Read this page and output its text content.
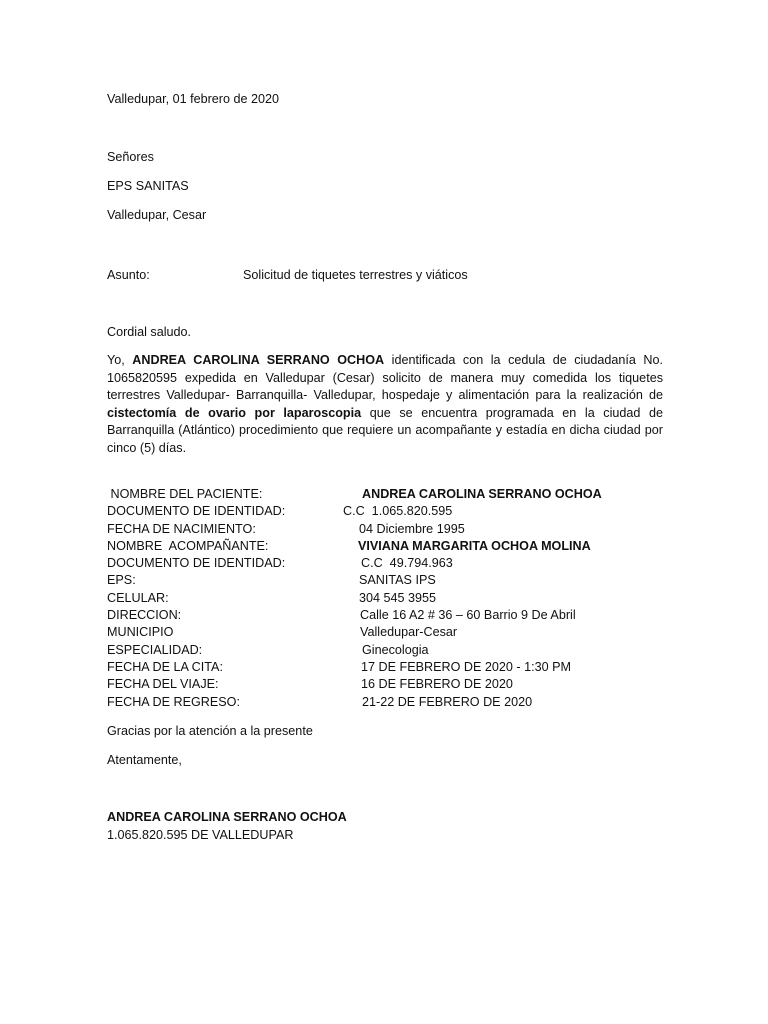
Valledupar, 01 febrero de 2020
Señores
EPS SANITAS
Valledupar, Cesar
Asunto:	Solicitud de tiquetes terrestres y viáticos
Cordial saludo.
Yo, ANDREA CAROLINA SERRANO OCHOA identificada con la cedula de ciudadanía No. 1065820595 expedida en Valledupar (Cesar) solicito de manera muy comedida los tiquetes terrestres Valledupar- Barranquilla- Valledupar, hospedaje y alimentación para la realización de cistectomía de ovario por laparoscopia que se encuentra programada en la ciudad de Barranquilla (Atlántico) procedimiento que requiere un acompañante y estadía en dicha ciudad por cinco (5) días.
NOMBRE DEL PACIENTE:	ANDREA CAROLINA SERRANO OCHOA
DOCUMENTO DE IDENTIDAD:	C.C  1.065.820.595
FECHA DE NACIMIENTO:	04 Diciembre 1995
NOMBRE  ACOMPAÑANTE:	VIVIANA MARGARITA OCHOA MOLINA
DOCUMENTO DE IDENTIDAD:	C.C  49.794.963
EPS:	SANITAS IPS
CELULAR:	304 545 3955
DIRECCION:	Calle 16 A2 # 36 – 60 Barrio 9 De Abril
MUNICIPIO	Valledupar-Cesar
ESPECIALIDAD:	Ginecologia
FECHA DE LA CITA:	17 DE FEBRERO DE 2020 - 1:30 PM
FECHA DEL VIAJE:	16 DE FEBRERO DE 2020
FECHA DE REGRESO:	21-22 DE FEBRERO DE 2020
Gracias por la atención a la presente
Atentamente,
ANDREA CAROLINA SERRANO OCHOA
1.065.820.595 DE VALLEDUPAR
